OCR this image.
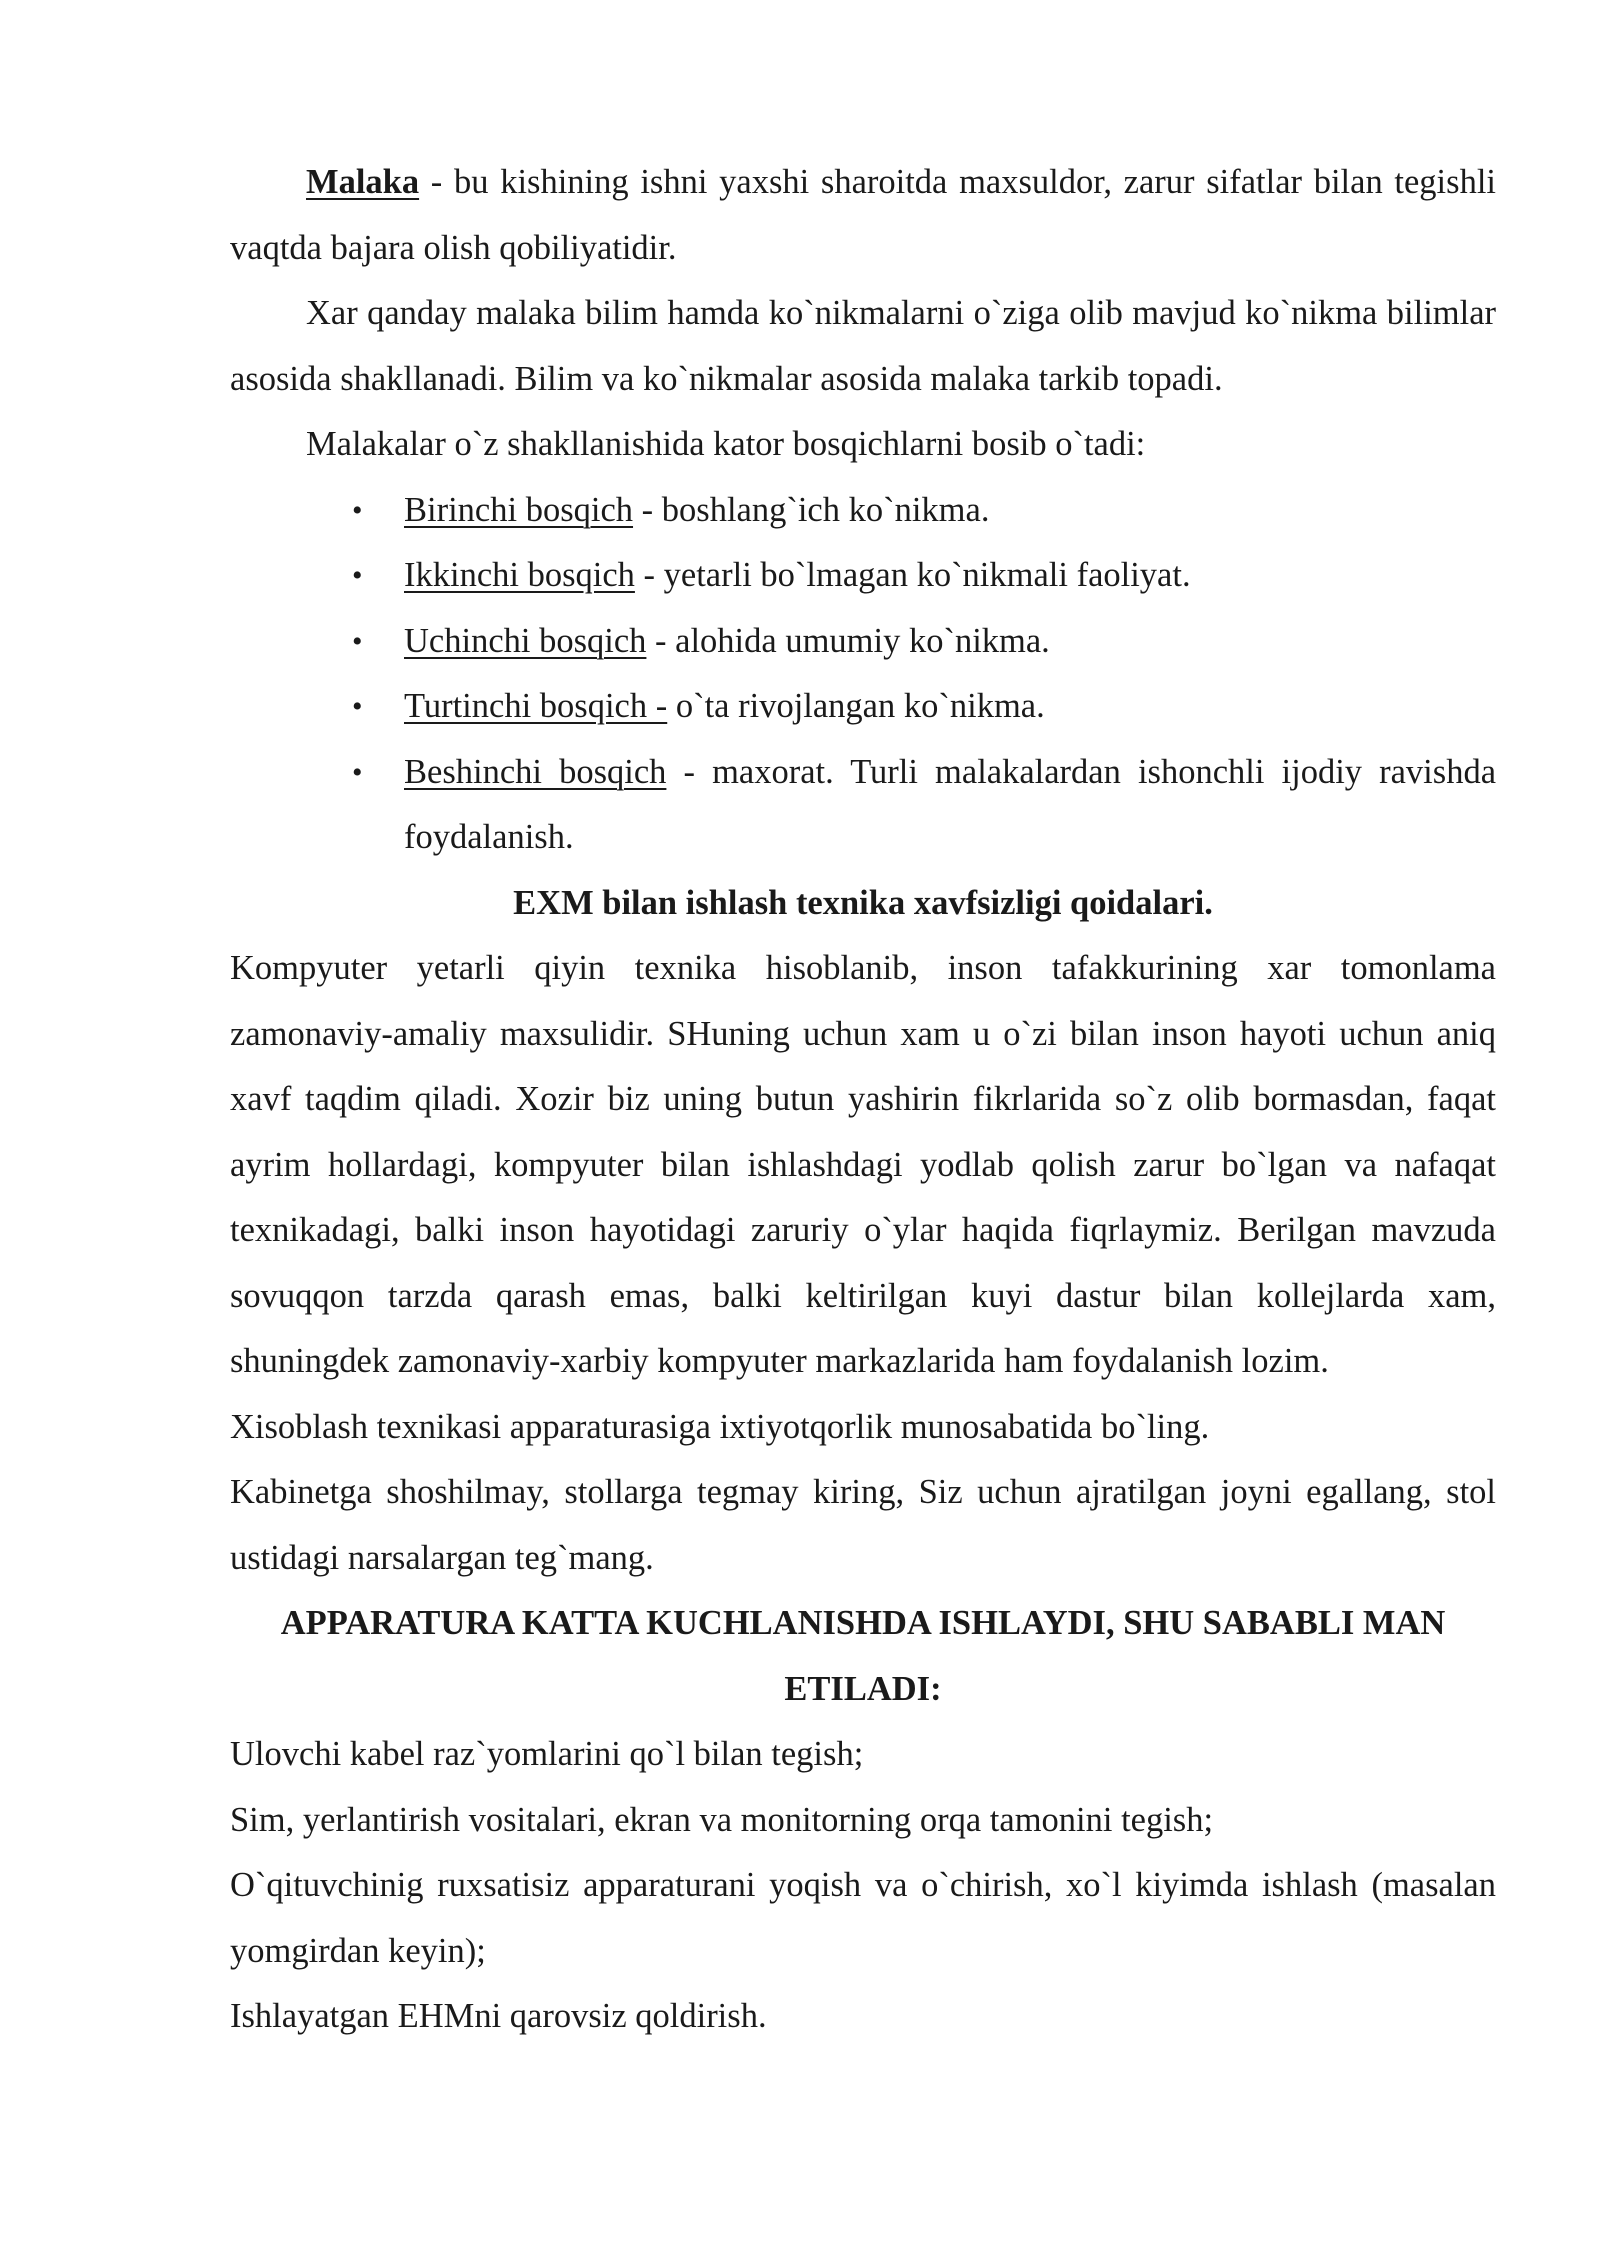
Malaka - bu kishining ishni yaxshi sharoitda maxsuldor, zarur sifatlar bilan tegishli vaqtda bajara olish qobiliyatidir.

Xar qanday malaka bilim hamda ko`nikmalarni o`ziga olib mavjud ko`nikma bilimlar asosida shakllanadi. Bilim va ko`nikmalar asosida malaka tarkib topadi.

Malakalar o`z shakllanishida kator bosqichlarni bosib o`tadi:

• Birinchi bosqich - boshlang`ich ko`nikma.
• Ikkinchi bosqich - yetarli bo`lmagan ko`nikmali faoliyat.
• Uchinchi bosqich - alohida umumiy ko`nikma.
• Turtinchi bosqich - o`ta rivojlangan ko`nikma.
• Beshinchi bosqich - maxorat. Turli malakalardan ishonchli ijodiy ravishda foydalanish.

EXM bilan ishlash texnika xavfsizligi qoidalari.

Kompyuter yetarli qiyin texnika hisoblanib, inson tafakkurining xar tomonlama zamonaviy-amaliy maxsulidir. SHuning uchun xam u o`zi bilan inson hayoti uchun aniq xavf taqdim qiladi. Xozir biz uning butun yashirin fikrlarida so`z olib bormasdan, faqat ayrim hollardagi, kompyuter bilan ishlashdagi yodlab qolish zarur bo`lgan va nafaqat texnikadagi, balki inson hayotidagi zaruriy o`ylar haqida fiqrlaymiz. Berilgan mavzuda sovuqqon tarzda qarash emas, balki keltirilgan kuyi dastur bilan kollejlarda xam, shuningdek zamonaviy-xarbiy kompyuter markazlarida ham foydalanish lozim.

Xisoblash texnikasi apparaturasiga ixtiyotqorlik munosabatida bo`ling.

Kabinetga shoshilmay, stollarga tegmay kiring, Siz uchun ajratilgan joyni egallang, stol ustidagi narsalargan teg`mang.

APPARATURA KATTA KUCHLANISHDA ISHLAYDI, SHU SABABLI MAN ETILADI:

Ulovchi kabel raz`yomlarini qo`l bilan tegish;

Sim, yerlantirish vositalari, ekran va monitorning orqa tamonini tegish;

O`qituvchinig ruxsatisiz apparaturani yoqish va o`chirish, xo`l kiyimda ishlash (masalan yomgirdan keyin);

Ishlayatgan EHMni qarovsiz qoldirish.
